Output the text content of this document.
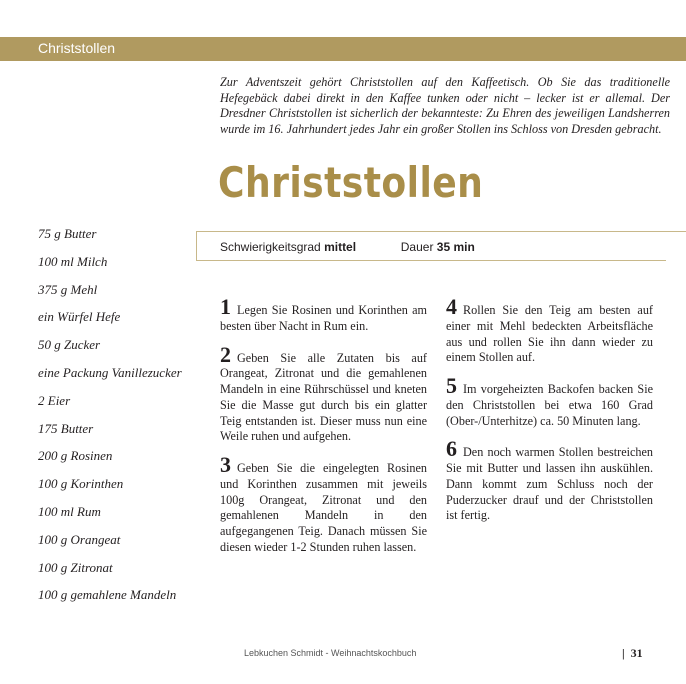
Christstollen
Zur Adventszeit gehört Christstollen auf den Kaffeetisch. Ob Sie das traditionelle Hefegebäck dabei direkt in den Kaffee tunken oder nicht – lecker ist er allemal. Der Dresdner Christstollen ist sicherlich der bekannteste: Zu Ehren des jeweiligen Landsherren wurde im 16. Jahrhundert jedes Jahr ein großer Stollen ins Schloss von Dresden gebracht.
Christstollen
Schwierigkeitsgrad mittel	Dauer 35 min
75 g Butter
100 ml Milch
375 g Mehl
ein Würfel Hefe
50 g Zucker
eine Packung Vanillezucker
2 Eier
175 Butter
200 g Rosinen
100 g Korinthen
100 ml Rum
100 g Orangeat
100 g Zitronat
100 g gemahlene Mandeln

1 Legen Sie Rosinen und Korinthen am besten über Nacht in Rum ein.

2 Geben Sie alle Zutaten bis auf Orangeat, Zitronat und die gemahlenen Mandeln in eine Rührschüssel und kneten Sie die Masse gut durch bis ein glatter Teig entstanden ist. Dieser muss nun eine Weile ruhen und aufgehen.

3 Geben Sie die eingelegten Rosinen und Korinthen zusammen mit jeweils 100g Orangeat, Zitronat und den gemahlenen Mandeln in den aufgegangenen Teig. Danach müssen Sie diesen wieder 1-2 Stunden ruhen lassen.

4 Rollen Sie den Teig am besten auf einer mit Mehl bedeckten Arbeitsfläche aus und rollen Sie ihn dann wieder zu einem Stollen auf.

5 Im vorgeheizten Backofen backen Sie den Christstollen bei etwa 160 Grad (Ober-/Unterhitze) ca. 50 Minuten lang.

6 Den noch warmen Stollen bestreichen Sie mit Butter und lassen ihn auskühlen. Dann kommt zum Schluss noch der Puderzucker drauf und der Christstollen ist fertig.

Lebkuchen Schmidt - Weihnachtskochbuch	| 31
